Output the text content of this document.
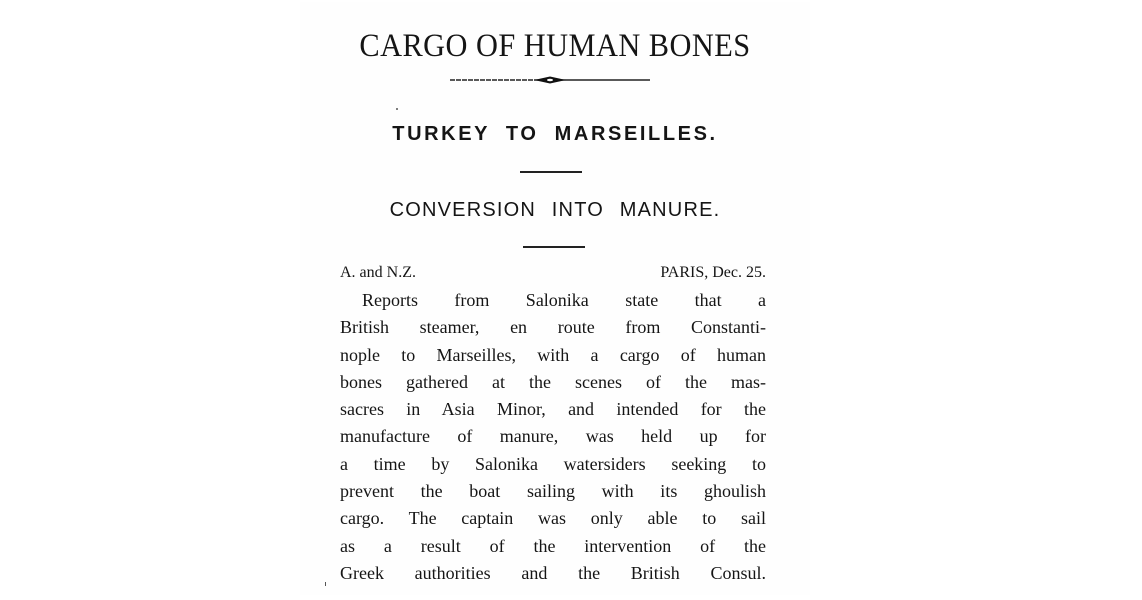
CARGO OF HUMAN BONES
TURKEY TO MARSEILLES.
CONVERSION INTO MANURE.
A. and N.Z.	PARIS, Dec. 25.
Reports from Salonika state that a
British steamer, en route from Constanti-
nople to Marseilles, with a cargo of human
bones gathered at the scenes of the mas-
sacres in Asia Minor, and intended for the
manufacture of manure, was held up for
a time by Salonika watersiders seeking to
prevent the boat sailing with its ghoulish
cargo. The captain was only able to sail
as a result of the intervention of the
Greek authorities and the British Consul.
